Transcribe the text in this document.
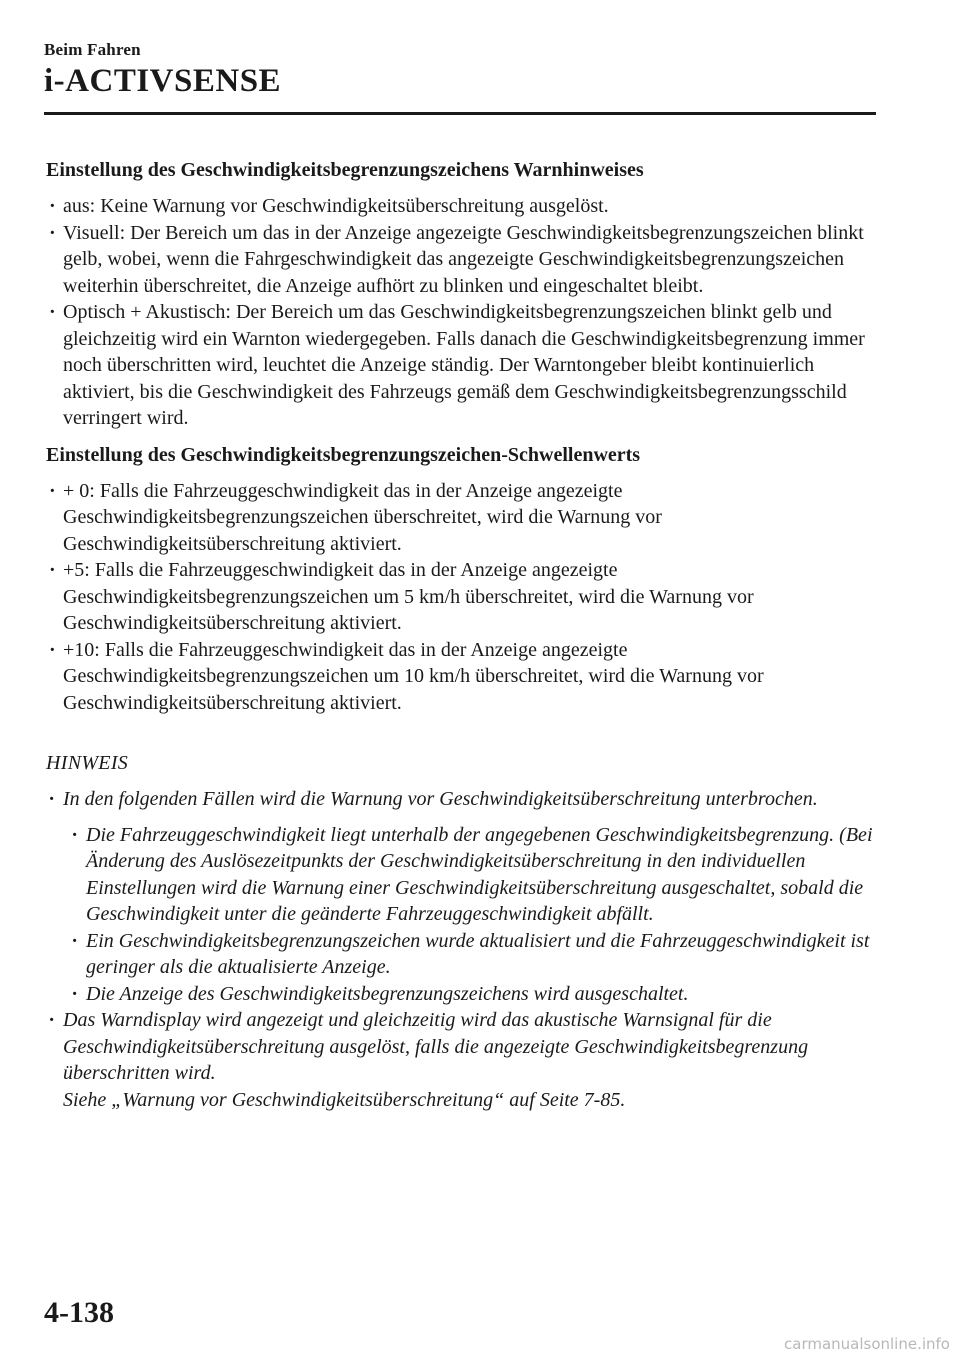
Beim Fahren
i-ACTIVSENSE
Einstellung des Geschwindigkeitsbegrenzungszeichens Warnhinweises
· aus: Keine Warnung vor Geschwindigkeitsüberschreitung ausgelöst.
· Visuell: Der Bereich um das in der Anzeige angezeigte Geschwindigkeitsbegrenzungszeichen blinkt gelb, wobei, wenn die Fahrgeschwindigkeit das angezeigte Geschwindigkeitsbegrenzungszeichen weiterhin überschreitet, die Anzeige aufhört zu blinken und eingeschaltet bleibt.
· Optisch + Akustisch: Der Bereich um das Geschwindigkeitsbegrenzungszeichen blinkt gelb und gleichzeitig wird ein Warnton wiedergegeben. Falls danach die Geschwindigkeitsbegrenzung immer noch überschritten wird, leuchtet die Anzeige ständig. Der Warntongeber bleibt kontinuierlich aktiviert, bis die Geschwindigkeit des Fahrzeugs gemäß dem Geschwindigkeitsbegrenzungsschild verringert wird.
Einstellung des Geschwindigkeitsbegrenzungszeichen-Schwellenwerts
· + 0: Falls die Fahrzeuggeschwindigkeit das in der Anzeige angezeigte Geschwindigkeitsbegrenzungszeichen überschreitet, wird die Warnung vor Geschwindigkeitsüberschreitung aktiviert.
· +5: Falls die Fahrzeuggeschwindigkeit das in der Anzeige angezeigte Geschwindigkeitsbegrenzungszeichen um 5 km/h überschreitet, wird die Warnung vor Geschwindigkeitsüberschreitung aktiviert.
· +10: Falls die Fahrzeuggeschwindigkeit das in der Anzeige angezeigte Geschwindigkeitsbegrenzungszeichen um 10 km/h überschreitet, wird die Warnung vor Geschwindigkeitsüberschreitung aktiviert.
HINWEIS
· In den folgenden Fällen wird die Warnung vor Geschwindigkeitsüberschreitung unterbrochen.
· Die Fahrzeuggeschwindigkeit liegt unterhalb der angegebenen Geschwindigkeitsbegrenzung. (Bei Änderung des Auslösezeitpunkts der Geschwindigkeitsüberschreitung in den individuellen Einstellungen wird die Warnung einer Geschwindigkeitsüberschreitung ausgeschaltet, sobald die Geschwindigkeit unter die geänderte Fahrzeuggeschwindigkeit abfällt.
· Ein Geschwindigkeitsbegrenzungszeichen wurde aktualisiert und die Fahrzeuggeschwindigkeit ist geringer als die aktualisierte Anzeige.
· Die Anzeige des Geschwindigkeitsbegrenzungszeichens wird ausgeschaltet.
· Das Warndisplay wird angezeigt und gleichzeitig wird das akustische Warnsignal für die Geschwindigkeitsüberschreitung ausgelöst, falls die angezeigte Geschwindigkeitsbegrenzung überschritten wird.
Siehe „Warnung vor Geschwindigkeitsüberschreitung“ auf Seite 7-85.
4-138
carmanualsonline.info
